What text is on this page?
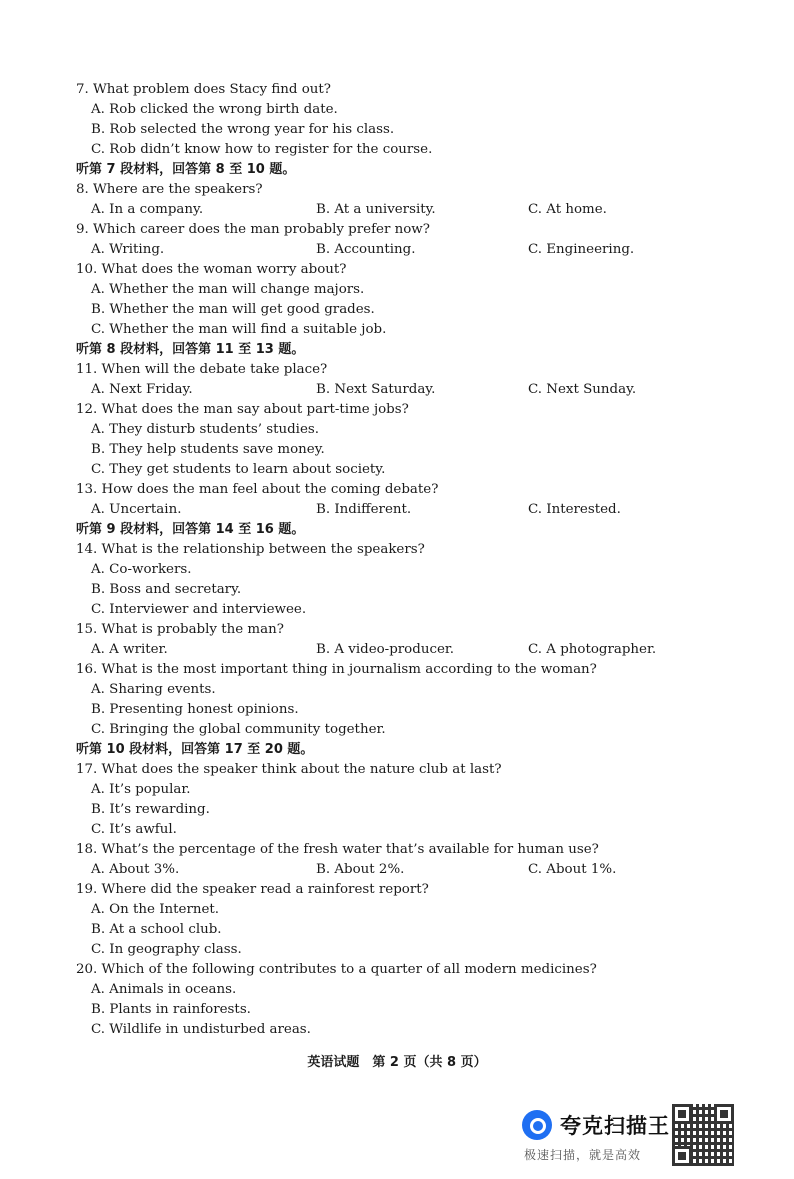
7. What problem does Stacy find out?
A. Rob clicked the wrong birth date.
B. Rob selected the wrong year for his class.
C. Rob didn’t know how to register for the course.
听第 7 段材料，回答第 8 至 10 题。
8. Where are the speakers?
A. In a company.	B. At a university.	C. At home.
9. Which career does the man probably prefer now?
A. Writing.	B. Accounting.	C. Engineering.
10. What does the woman worry about?
A. Whether the man will change majors.
B. Whether the man will get good grades.
C. Whether the man will find a suitable job.
听第 8 段材料，回答第 11 至 13 题。
11. When will the debate take place?
A. Next Friday.	B. Next Saturday.	C. Next Sunday.
12. What does the man say about part-time jobs?
A. They disturb students’ studies.
B. They help students save money.
C. They get students to learn about society.
13. How does the man feel about the coming debate?
A. Uncertain.	B. Indifferent.	C. Interested.
听第 9 段材料，回答第 14 至 16 题。
14. What is the relationship between the speakers?
A. Co-workers.
B. Boss and secretary.
C. Interviewer and interviewee.
15. What is probably the man?
A. A writer.	B. A video-producer.	C. A photographer.
16. What is the most important thing in journalism according to the woman?
A. Sharing events.
B. Presenting honest opinions.
C. Bringing the global community together.
听第 10 段材料，回答第 17 至 20 题。
17. What does the speaker think about the nature club at last?
A. It’s popular.
B. It’s rewarding.
C. It’s awful.
18. What’s the percentage of the fresh water that’s available for human use?
A. About 3%.	B. About 2%.	C. About 1%.
19. Where did the speaker read a rainforest report?
A. On the Internet.
B. At a school club.
C. In geography class.
20. Which of the following contributes to a quarter of all modern medicines?
A. Animals in oceans.
B. Plants in rainforests.
C. Wildlife in undisturbed areas.
英语试题　第 2 页（共 8 页）
夸克扫描王
极速扫描，就是高效
